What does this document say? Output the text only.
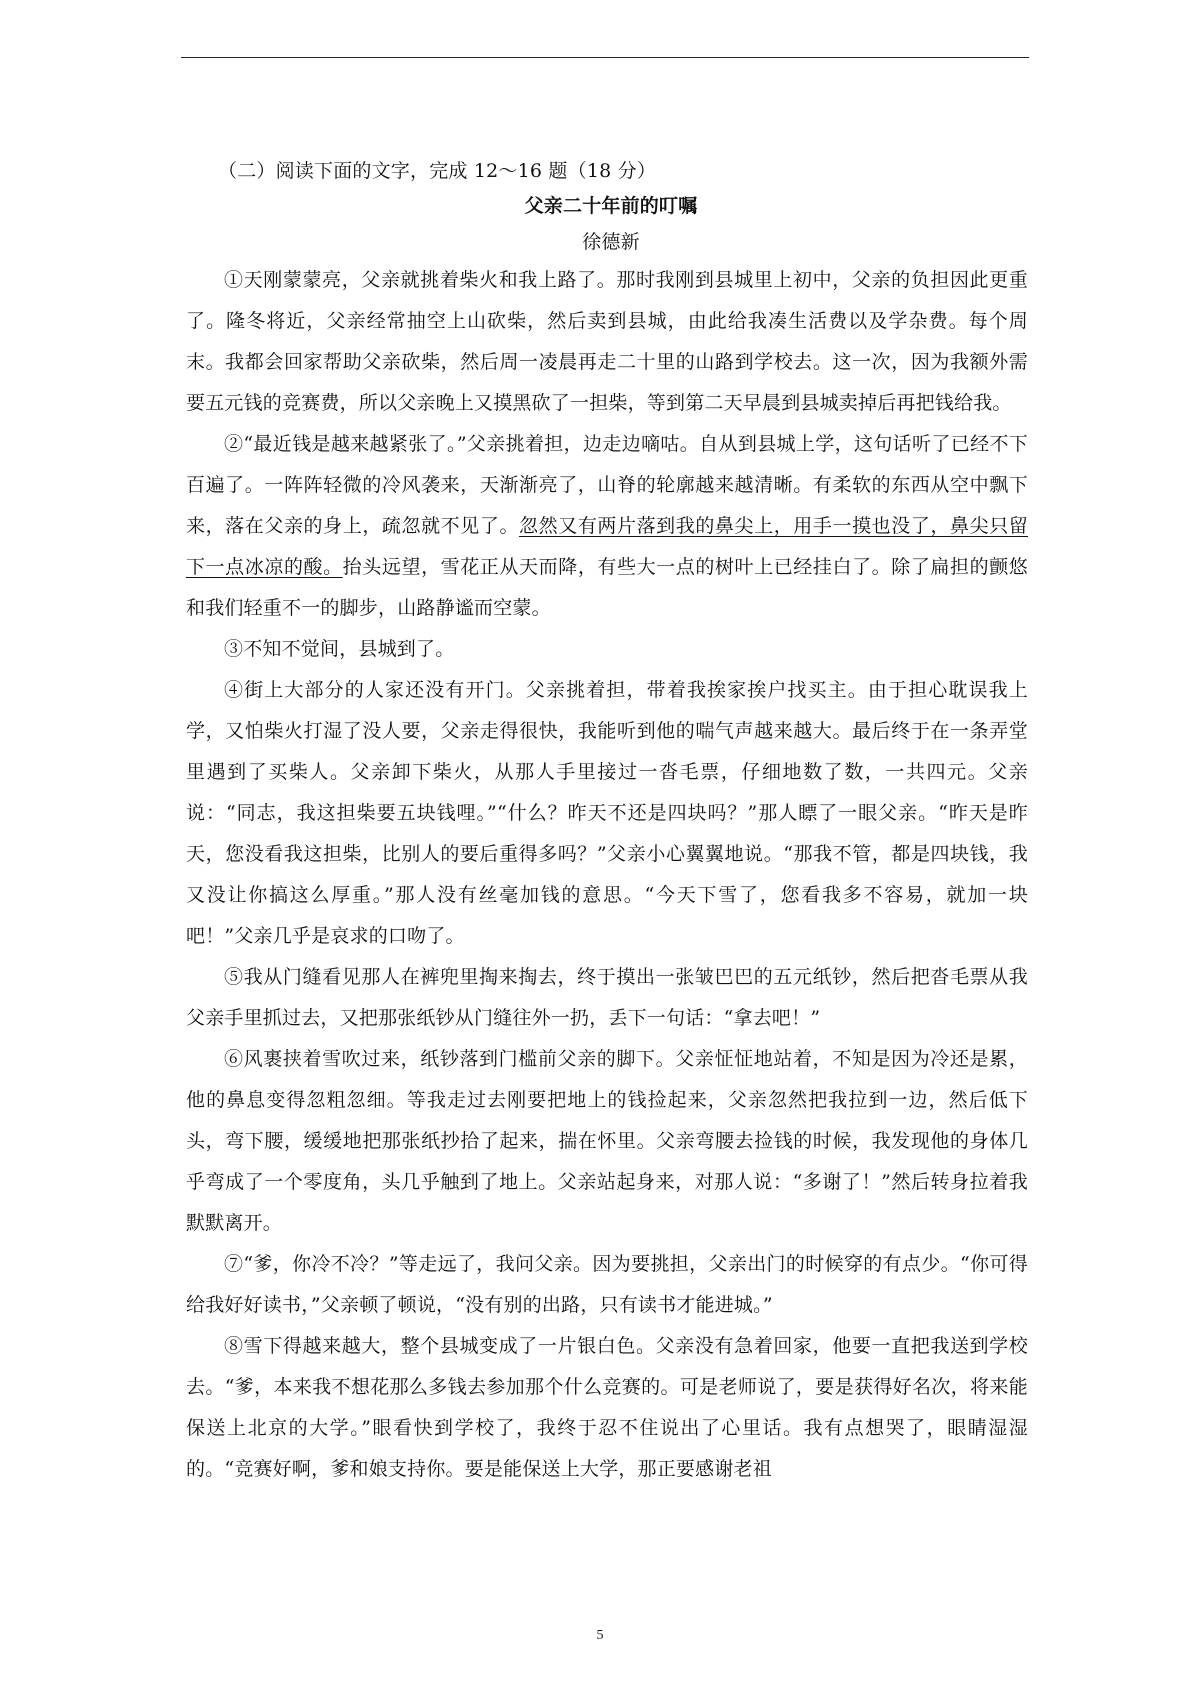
（二）阅读下面的文字，完成 12～16 题（18 分）

父亲二十年前的叮嘱

徐德新

①天刚蒙蒙亮，父亲就挑着柴火和我上路了。那时我刚到县城里上初中，父亲的负担因此更重了。隆冬将近，父亲经常抽空上山砍柴，然后卖到县城，由此给我凑生活费以及学杂费。每个周末。我都会回家帮助父亲砍柴，然后周一凌晨再走二十里的山路到学校去。这一次，因为我额外需要五元钱的竞赛费，所以父亲晚上又摸黑砍了一担柴，等到第二天早晨到县城卖掉后再把钱给我。

②“最近钱是越来越紧张了。”父亲挑着担，边走边嘀咕。自从到县城上学，这句话听了已经不下百遍了。一阵阵轻微的冷风袭来，天渐渐亮了，山脊的轮廓越来越清晰。有柔软的东西从空中飘下来，落在父亲的身上，疏忽就不见了。忽然又有两片落到我的鼻尖上，用手一摸也没了，鼻尖只留下一点冰凉的酸。抬头远望，雪花正从天而降，有些大一点的树叶上已经挂白了。除了扁担的颤悠和我们轻重不一的脚步，山路静谧而空蒙。

③不知不觉间，县城到了。

④街上大部分的人家还没有开门。父亲挑着担，带着我挨家挨户找买主。由于担心耽误我上学，又怕柴火打湿了没人要，父亲走得很快，我能听到他的喘气声越来越大。最后终于在一条弄堂里遇到了买柴人。父亲卸下柴火，从那人手里接过一沓毛票，仔细地数了数，一共四元。父亲说：“同志，我这担柴要五块钱哩。”“什么？昨天不还是四块吗？”那人瞟了一眼父亲。“昨天是昨天，您没看我这担柴，比别人的要后重得多吗？”父亲小心翼翼地说。“那我不管，都是四块钱，我又没让你搞这么厚重。”那人没有丝毫加钱的意思。“今天下雪了，您看我多不容易，就加一块吧！”父亲几乎是哀求的口吻了。

⑤我从门缝看见那人在裤兜里掏来掏去，终于摸出一张皱巴巴的五元纸钞，然后把沓毛票从我父亲手里抓过去，又把那张纸钞从门缝往外一扔，丢下一句话：“拿去吧！”

⑥风裹挟着雪吹过来，纸钞落到门槛前父亲的脚下。父亲怔怔地站着，不知是因为冷还是累，他的鼻息变得忽粗忽细。等我走过去刚要把地上的钱捡起来，父亲忽然把我拉到一边，然后低下头，弯下腰，缓缓地把那张纸抄拾了起来，揣在怀里。父亲弯腰去捡钱的时候，我发现他的身体几乎弯成了一个零度角，头几乎触到了地上。父亲站起身来，对那人说：“多谢了！”然后转身拉着我默默离开。

⑦“爹，你冷不冷？”等走远了，我问父亲。因为要挑担，父亲出门的时候穿的有点少。“你可得给我好好读书，”父亲顿了顿说，“没有别的出路，只有读书才能进城。”

⑧雪下得越来越大，整个县城变成了一片银白色。父亲没有急着回家，他要一直把我送到学校去。“爹，本来我不想花那么多钱去参加那个什么竞赛的。可是老师说了，要是获得好名次，将来能保送上北京的大学。”眼看快到学校了，我终于忍不住说出了心里话。我有点想哭了，眼睛湿湿的。“竞赛好啊，爹和娘支持你。要是能保送上大学，那正要感谢老祖

5
